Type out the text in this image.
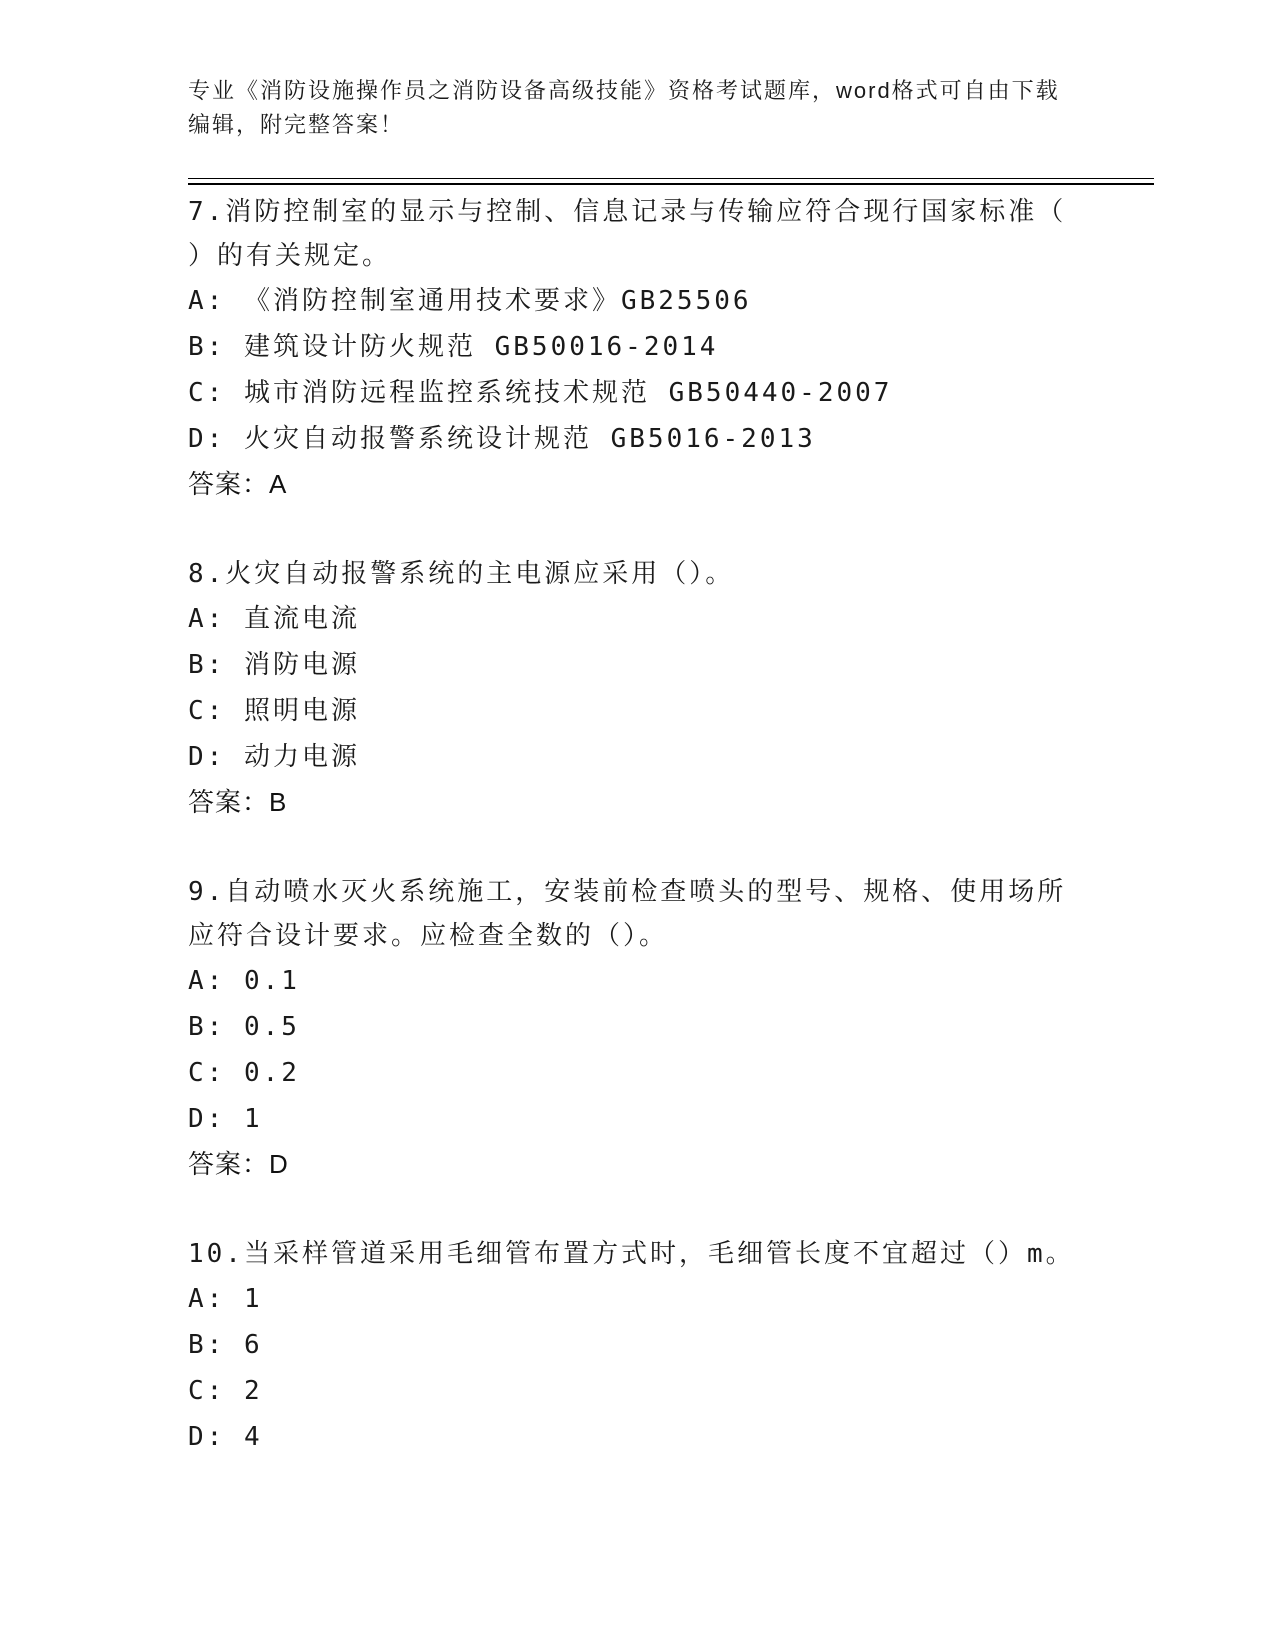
专业《消防设施操作员之消防设备高级技能》资格考试题库，word格式可自由下载编辑，附完整答案！
7.消防控制室的显示与控制、信息记录与传输应符合现行国家标准（ ）的有关规定。
A: 《消防控制室通用技术要求》GB25506
B: 建筑设计防火规范 GB50016-2014
C: 城市消防远程监控系统技术规范 GB50440-2007
D: 火灾自动报警系统设计规范 GB5016-2013
答案：A
8.火灾自动报警系统的主电源应采用（）。
A: 直流电流
B: 消防电源
C: 照明电源
D: 动力电源
答案：B
9.自动喷水灭火系统施工，安装前检查喷头的型号、规格、使用场所应符合设计要求。应检查全数的（）。
A: 0.1
B: 0.5
C: 0.2
D: 1
答案：D
10.当采样管道采用毛细管布置方式时，毛细管长度不宜超过（）m。
A: 1
B: 6
C: 2
D: 4
